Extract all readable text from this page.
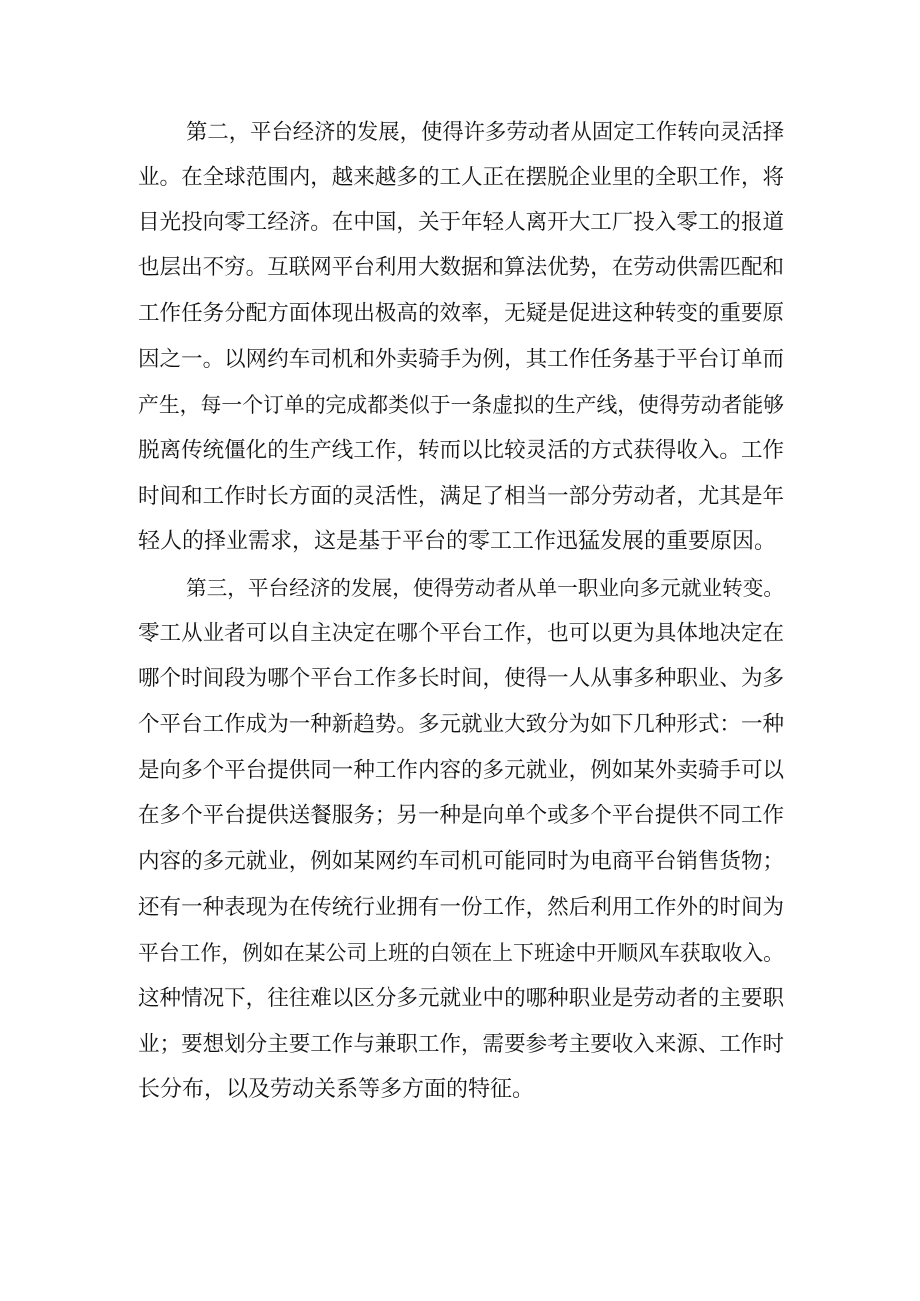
第二，平台经济的发展，使得许多劳动者从固定工作转向灵活择
业。在全球范围内，越来越多的工人正在摆脱企业里的全职工作，将
目光投向零工经济。在中国，关于年轻人离开大工厂投入零工的报道
也层出不穷。互联网平台利用大数据和算法优势，在劳动供需匹配和
工作任务分配方面体现出极高的效率，无疑是促进这种转变的重要原
因之一。以网约车司机和外卖骑手为例，其工作任务基于平台订单而
产生，每一个订单的完成都类似于一条虚拟的生产线，使得劳动者能够
脱离传统僵化的生产线工作，转而以比较灵活的方式获得收入。工作
时间和工作时长方面的灵活性，满足了相当一部分劳动者，尤其是年
轻人的择业需求，这是基于平台的零工工作迅猛发展的重要原因。
第三，平台经济的发展，使得劳动者从单一职业向多元就业转变。
零工从业者可以自主决定在哪个平台工作，也可以更为具体地决定在
哪个时间段为哪个平台工作多长时间，使得一人从事多种职业、为多
个平台工作成为一种新趋势。多元就业大致分为如下几种形式：一种
是向多个平台提供同一种工作内容的多元就业，例如某外卖骑手可以
在多个平台提供送餐服务；另一种是向单个或多个平台提供不同工作
内容的多元就业，例如某网约车司机可能同时为电商平台销售货物；
还有一种表现为在传统行业拥有一份工作，然后利用工作外的时间为
平台工作，例如在某公司上班的白领在上下班途中开顺风车获取收入。
这种情况下，往往难以区分多元就业中的哪种职业是劳动者的主要职
业；要想划分主要工作与兼职工作，需要参考主要收入来源、工作时
长分布，以及劳动关系等多方面的特征。
